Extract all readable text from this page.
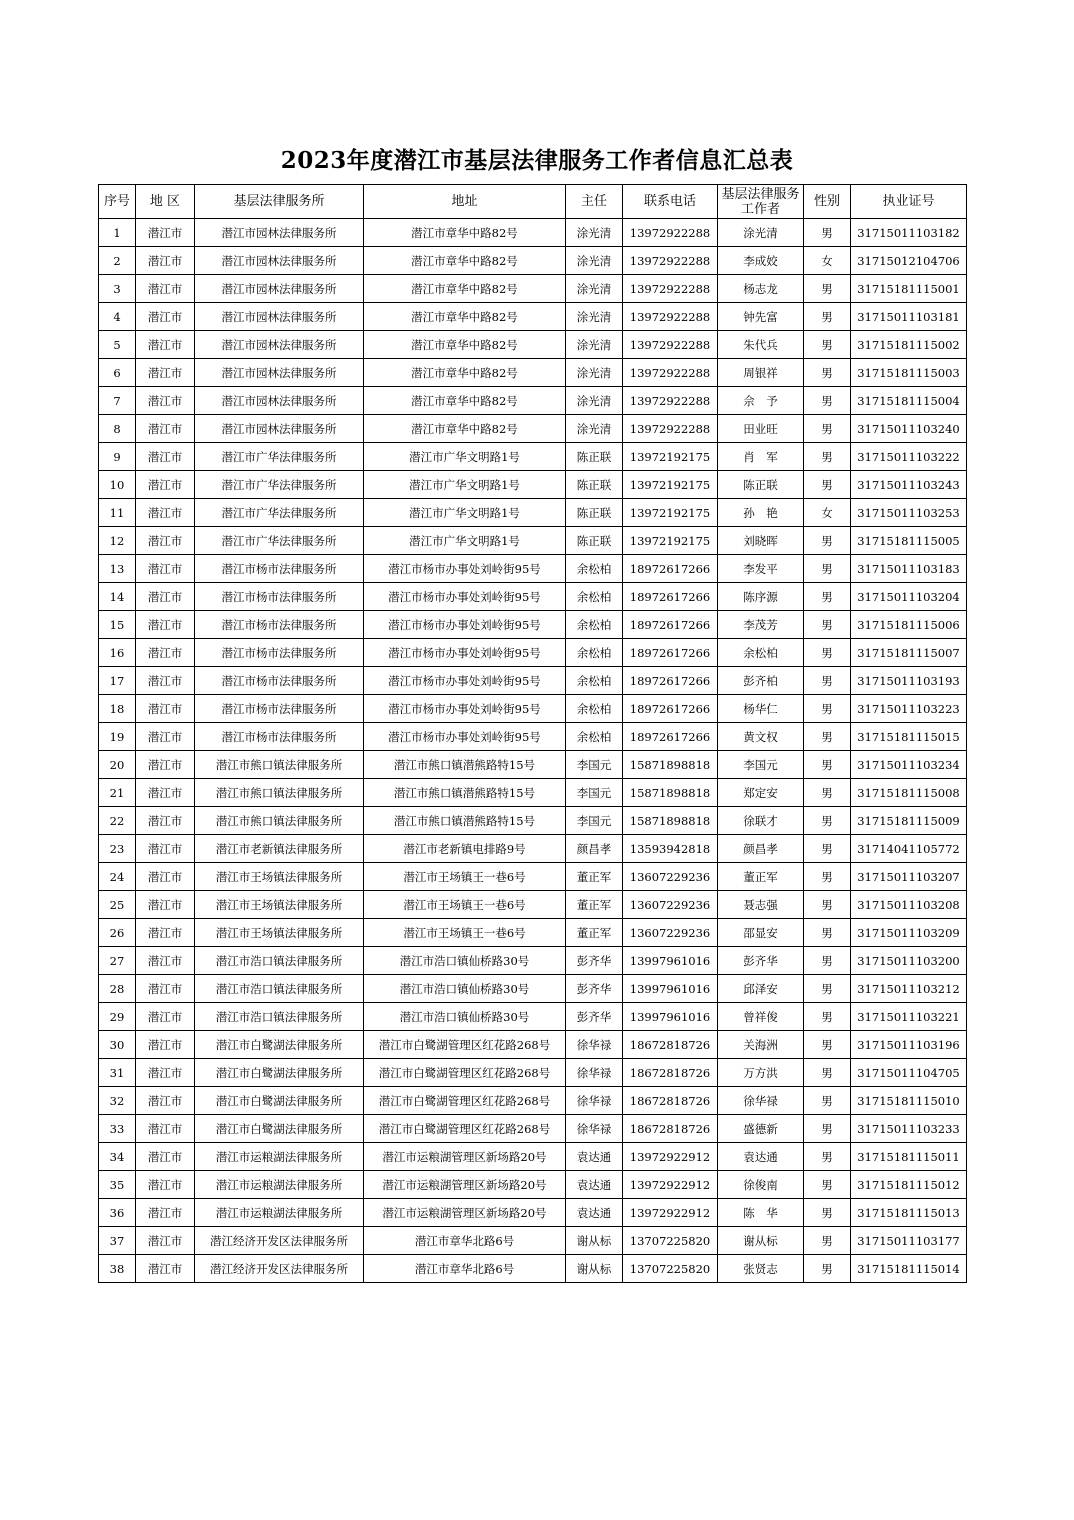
2023年度潜江市基层法律服务工作者信息汇总表
序号	地 区	基层法律服务所	地址	主任	联系电话	基层法律服务工作者	性别	执业证号
1	潜江市	潜江市园林法律服务所	潜江市章华中路82号	涂光清	13972922288	涂光清	男	31715011103182
2	潜江市	潜江市园林法律服务所	潜江市章华中路82号	涂光清	13972922288	李成姣	女	31715012104706
3	潜江市	潜江市园林法律服务所	潜江市章华中路82号	涂光清	13972922288	杨志龙	男	31715181115001
4	潜江市	潜江市园林法律服务所	潜江市章华中路82号	涂光清	13972922288	钟先富	男	31715011103181
5	潜江市	潜江市园林法律服务所	潜江市章华中路82号	涂光清	13972922288	朱代兵	男	31715181115002
6	潜江市	潜江市园林法律服务所	潜江市章华中路82号	涂光清	13972922288	周银祥	男	31715181115003
7	潜江市	潜江市园林法律服务所	潜江市章华中路82号	涂光清	13972922288	佘　予	男	31715181115004
8	潜江市	潜江市园林法律服务所	潜江市章华中路82号	涂光清	13972922288	田业旺	男	31715011103240
9	潜江市	潜江市广华法律服务所	潜江市广华文明路1号	陈正联	13972192175	肖　军	男	31715011103222
10	潜江市	潜江市广华法律服务所	潜江市广华文明路1号	陈正联	13972192175	陈正联	男	31715011103243
11	潜江市	潜江市广华法律服务所	潜江市广华文明路1号	陈正联	13972192175	孙　艳	女	31715011103253
12	潜江市	潜江市广华法律服务所	潜江市广华文明路1号	陈正联	13972192175	刘晓晖	男	31715181115005
13	潜江市	潜江市杨市法律服务所	潜江市杨市办事处刘岭街95号	余松柏	18972617266	李发平	男	31715011103183
14	潜江市	潜江市杨市法律服务所	潜江市杨市办事处刘岭街95号	余松柏	18972617266	陈序源	男	31715011103204
15	潜江市	潜江市杨市法律服务所	潜江市杨市办事处刘岭街95号	余松柏	18972617266	李茂芳	男	31715181115006
16	潜江市	潜江市杨市法律服务所	潜江市杨市办事处刘岭街95号	余松柏	18972617266	余松柏	男	31715181115007
17	潜江市	潜江市杨市法律服务所	潜江市杨市办事处刘岭街95号	余松柏	18972617266	彭齐柏	男	31715011103193
18	潜江市	潜江市杨市法律服务所	潜江市杨市办事处刘岭街95号	余松柏	18972617266	杨华仁	男	31715011103223
19	潜江市	潜江市杨市法律服务所	潜江市杨市办事处刘岭街95号	余松柏	18972617266	黄文权	男	31715181115015
20	潜江市	潜江市熊口镇法律服务所	潜江市熊口镇潜熊路特15号	李国元	15871898818	李国元	男	31715011103234
21	潜江市	潜江市熊口镇法律服务所	潜江市熊口镇潜熊路特15号	李国元	15871898818	郑定安	男	31715181115008
22	潜江市	潜江市熊口镇法律服务所	潜江市熊口镇潜熊路特15号	李国元	15871898818	徐联才	男	31715181115009
23	潜江市	潜江市老新镇法律服务所	潜江市老新镇电排路9号	颜昌孝	13593942818	颜昌孝	男	31714041105772
24	潜江市	潜江市王场镇法律服务所	潜江市王场镇王一巷6号	董正军	13607229236	董正军	男	31715011103207
25	潜江市	潜江市王场镇法律服务所	潜江市王场镇王一巷6号	董正军	13607229236	聂志强	男	31715011103208
26	潜江市	潜江市王场镇法律服务所	潜江市王场镇王一巷6号	董正军	13607229236	邵显安	男	31715011103209
27	潜江市	潜江市浩口镇法律服务所	潜江市浩口镇仙桥路30号	彭齐华	13997961016	彭齐华	男	31715011103200
28	潜江市	潜江市浩口镇法律服务所	潜江市浩口镇仙桥路30号	彭齐华	13997961016	邱泽安	男	31715011103212
29	潜江市	潜江市浩口镇法律服务所	潜江市浩口镇仙桥路30号	彭齐华	13997961016	曾祥俊	男	31715011103221
30	潜江市	潜江市白鹭湖法律服务所	潜江市白鹭湖管理区红花路268号	徐华禄	18672818726	关海洲	男	31715011103196
31	潜江市	潜江市白鹭湖法律服务所	潜江市白鹭湖管理区红花路268号	徐华禄	18672818726	万方洪	男	31715011104705
32	潜江市	潜江市白鹭湖法律服务所	潜江市白鹭湖管理区红花路268号	徐华禄	18672818726	徐华禄	男	31715181115010
33	潜江市	潜江市白鹭湖法律服务所	潜江市白鹭湖管理区红花路268号	徐华禄	18672818726	盛德新	男	31715011103233
34	潜江市	潜江市运粮湖法律服务所	潜江市运粮湖管理区新场路20号	袁达通	13972922912	袁达通	男	31715181115011
35	潜江市	潜江市运粮湖法律服务所	潜江市运粮湖管理区新场路20号	袁达通	13972922912	徐俊南	男	31715181115012
36	潜江市	潜江市运粮湖法律服务所	潜江市运粮湖管理区新场路20号	袁达通	13972922912	陈　华	男	31715181115013
37	潜江市	潜江经济开发区法律服务所	潜江市章华北路6号	谢从标	13707225820	谢从标	男	31715011103177
38	潜江市	潜江经济开发区法律服务所	潜江市章华北路6号	谢从标	13707225820	张贤志	男	31715181115014
